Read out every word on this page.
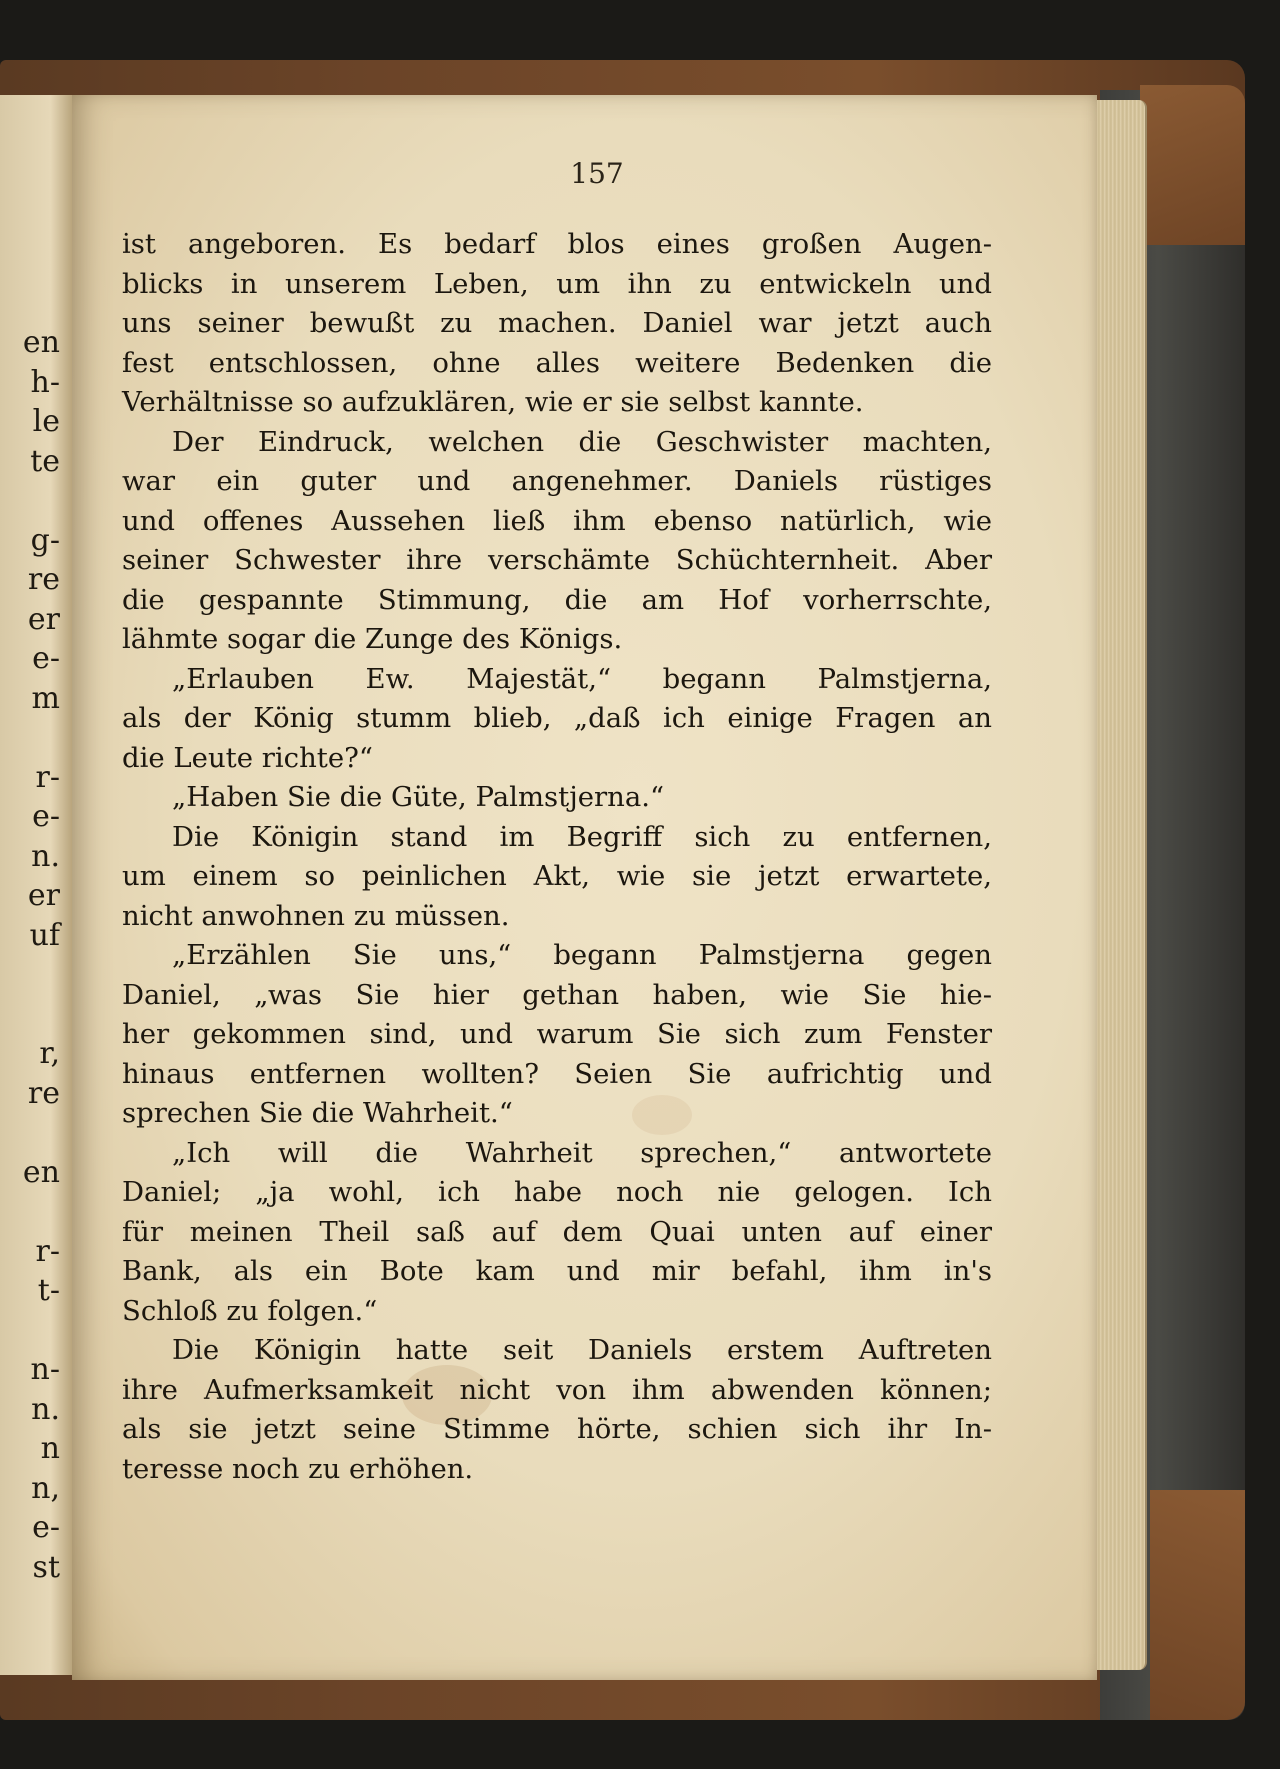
en
h-
le
te
g-
re
er
e-
m
r-
e-
n.
er
uf
r,
re
en
r-
t-
n-
n.
n
n,
e-
st
157
ist angeboren. Es bedarf blos eines großen Augen-
blicks in unserem Leben, um ihn zu entwickeln und
uns seiner bewußt zu machen. Daniel war jetzt auch
fest entschlossen, ohne alles weitere Bedenken die
Verhältnisse so aufzuklären, wie er sie selbst kannte.
Der Eindruck, welchen die Geschwister machten,
war ein guter und angenehmer. Daniels rüstiges
und offenes Aussehen ließ ihm ebenso natürlich, wie
seiner Schwester ihre verschämte Schüchternheit. Aber
die gespannte Stimmung, die am Hof vorherrschte,
lähmte sogar die Zunge des Königs.
„Erlauben Ew. Majestät,“ begann Palmstjerna,
als der König stumm blieb, „daß ich einige Fragen an
die Leute richte?“
„Haben Sie die Güte, Palmstjerna.“
Die Königin stand im Begriff sich zu entfernen,
um einem so peinlichen Akt, wie sie jetzt erwartete,
nicht anwohnen zu müssen.
„Erzählen Sie uns,“ begann Palmstjerna gegen
Daniel, „was Sie hier gethan haben, wie Sie hie-
her gekommen sind, und warum Sie sich zum Fenster
hinaus entfernen wollten? Seien Sie aufrichtig und
sprechen Sie die Wahrheit.“
„Ich will die Wahrheit sprechen,“ antwortete
Daniel; „ja wohl, ich habe noch nie gelogen. Ich
für meinen Theil saß auf dem Quai unten auf einer
Bank, als ein Bote kam und mir befahl, ihm in's
Schloß zu folgen.“
Die Königin hatte seit Daniels erstem Auftreten
ihre Aufmerksamkeit nicht von ihm abwenden können;
als sie jetzt seine Stimme hörte, schien sich ihr In-
teresse noch zu erhöhen.
